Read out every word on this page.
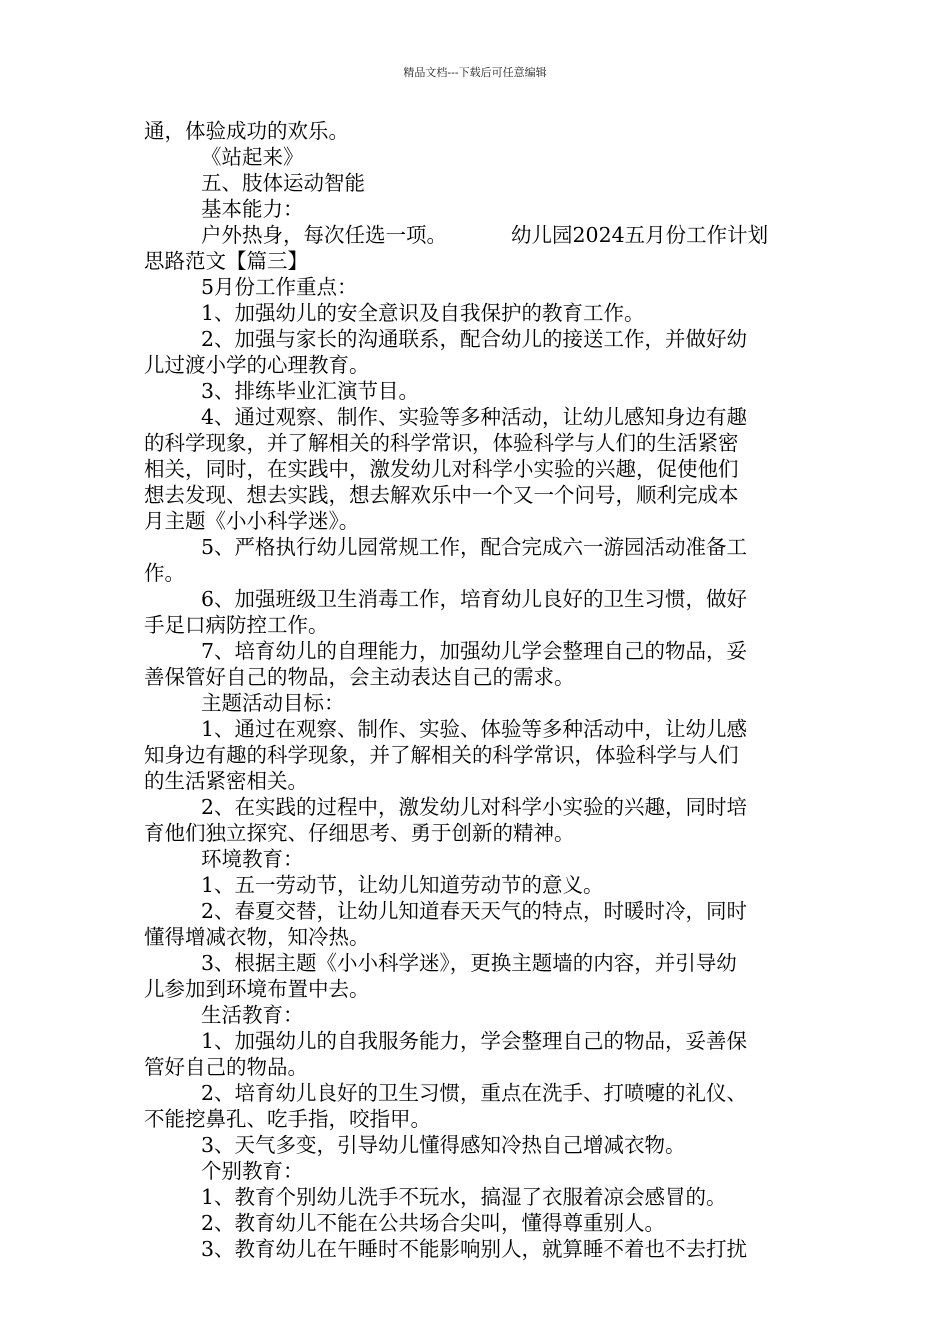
精品文档---下载后可任意编辑
通，体验成功的欢乐。
《站起来》
五、肢体运动智能
基本能力：
户外热身，每次任选一项。	幼儿园2024五月份工作计划
思路范文【篇三】
5月份工作重点：
1、加强幼儿的安全意识及自我保护的教育工作。
2、加强与家长的沟通联系，配合幼儿的接送工作，并做好幼
儿过渡小学的心理教育。
3、排练毕业汇演节目。
4、通过观察、制作、实验等多种活动，让幼儿感知身边有趣
的科学现象，并了解相关的科学常识，体验科学与人们的生活紧密
相关，同时，在实践中，激发幼儿对科学小实验的兴趣，促使他们
想去发现、想去实践，想去解欢乐中一个又一个问号，顺利完成本
月主题《小小科学迷》。
5、严格执行幼儿园常规工作，配合完成六一游园活动准备工
作。
6、加强班级卫生消毒工作，培育幼儿良好的卫生习惯，做好
手足口病防控工作。
7、培育幼儿的自理能力，加强幼儿学会整理自己的物品，妥
善保管好自己的物品，会主动表达自己的需求。
主题活动目标：
1、通过在观察、制作、实验、体验等多种活动中，让幼儿感
知身边有趣的科学现象，并了解相关的科学常识，体验科学与人们
的生活紧密相关。
2、在实践的过程中，激发幼儿对科学小实验的兴趣，同时培
育他们独立探究、仔细思考、勇于创新的精神。
环境教育：
1、五一劳动节，让幼儿知道劳动节的意义。
2、春夏交替，让幼儿知道春天天气的特点，时暖时冷，同时
懂得增减衣物，知冷热。
3、根据主题《小小科学迷》，更换主题墙的内容，并引导幼
儿参加到环境布置中去。
生活教育：
1、加强幼儿的自我服务能力，学会整理自己的物品，妥善保
管好自己的物品。
2、培育幼儿良好的卫生习惯，重点在洗手、打喷嚏的礼仪、
不能挖鼻孔、吃手指，咬指甲。
3、天气多变，引导幼儿懂得感知冷热自己增减衣物。
个别教育：
1、教育个别幼儿洗手不玩水，搞湿了衣服着凉会感冒的。
2、教育幼儿不能在公共场合尖叫，懂得尊重别人。
3、教育幼儿在午睡时不能影响别人，就算睡不着也不去打扰
